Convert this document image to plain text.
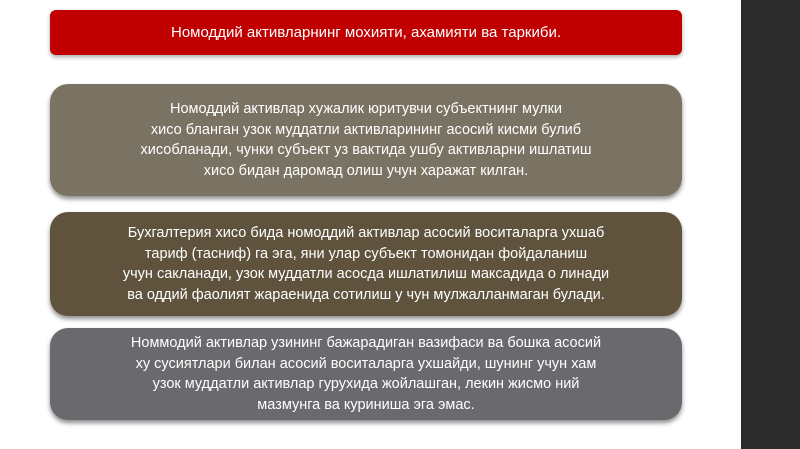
Номоддий активларнинг мохияти, ахамияти ва таркиби.

Номоддий активлар хужалик юритувчи субъектнинг мулки
хисо бланган узок муддатли активларининг асосий кисми булиб
хисобланади, чунки субъект уз вактида ушбу активларни ишлатиш
хисо бидан даромад олиш учун харажат килган.

Бухгалтерия хисо бида номоддий активлар асосий воситаларга ухшаб
тариф (тасниф) га эга, яни улар субъект томонидан фойдаланиш
учун сакланади, узок муддатли асосда ишлатилиш максадида о линади
ва оддий фаолият жараенида сотилиш у чун мулжалланмаган булади.

Номмодий активлар узининг бажарадиган вазифаси ва бошка асосий
ху сусиятлари билан асосий воситаларга ухшайди, шунинг учун хам
узок муддатли активлар гурухида жойлашган, лекин жисмо ний
мазмунга ва куриниша эга эмас.
